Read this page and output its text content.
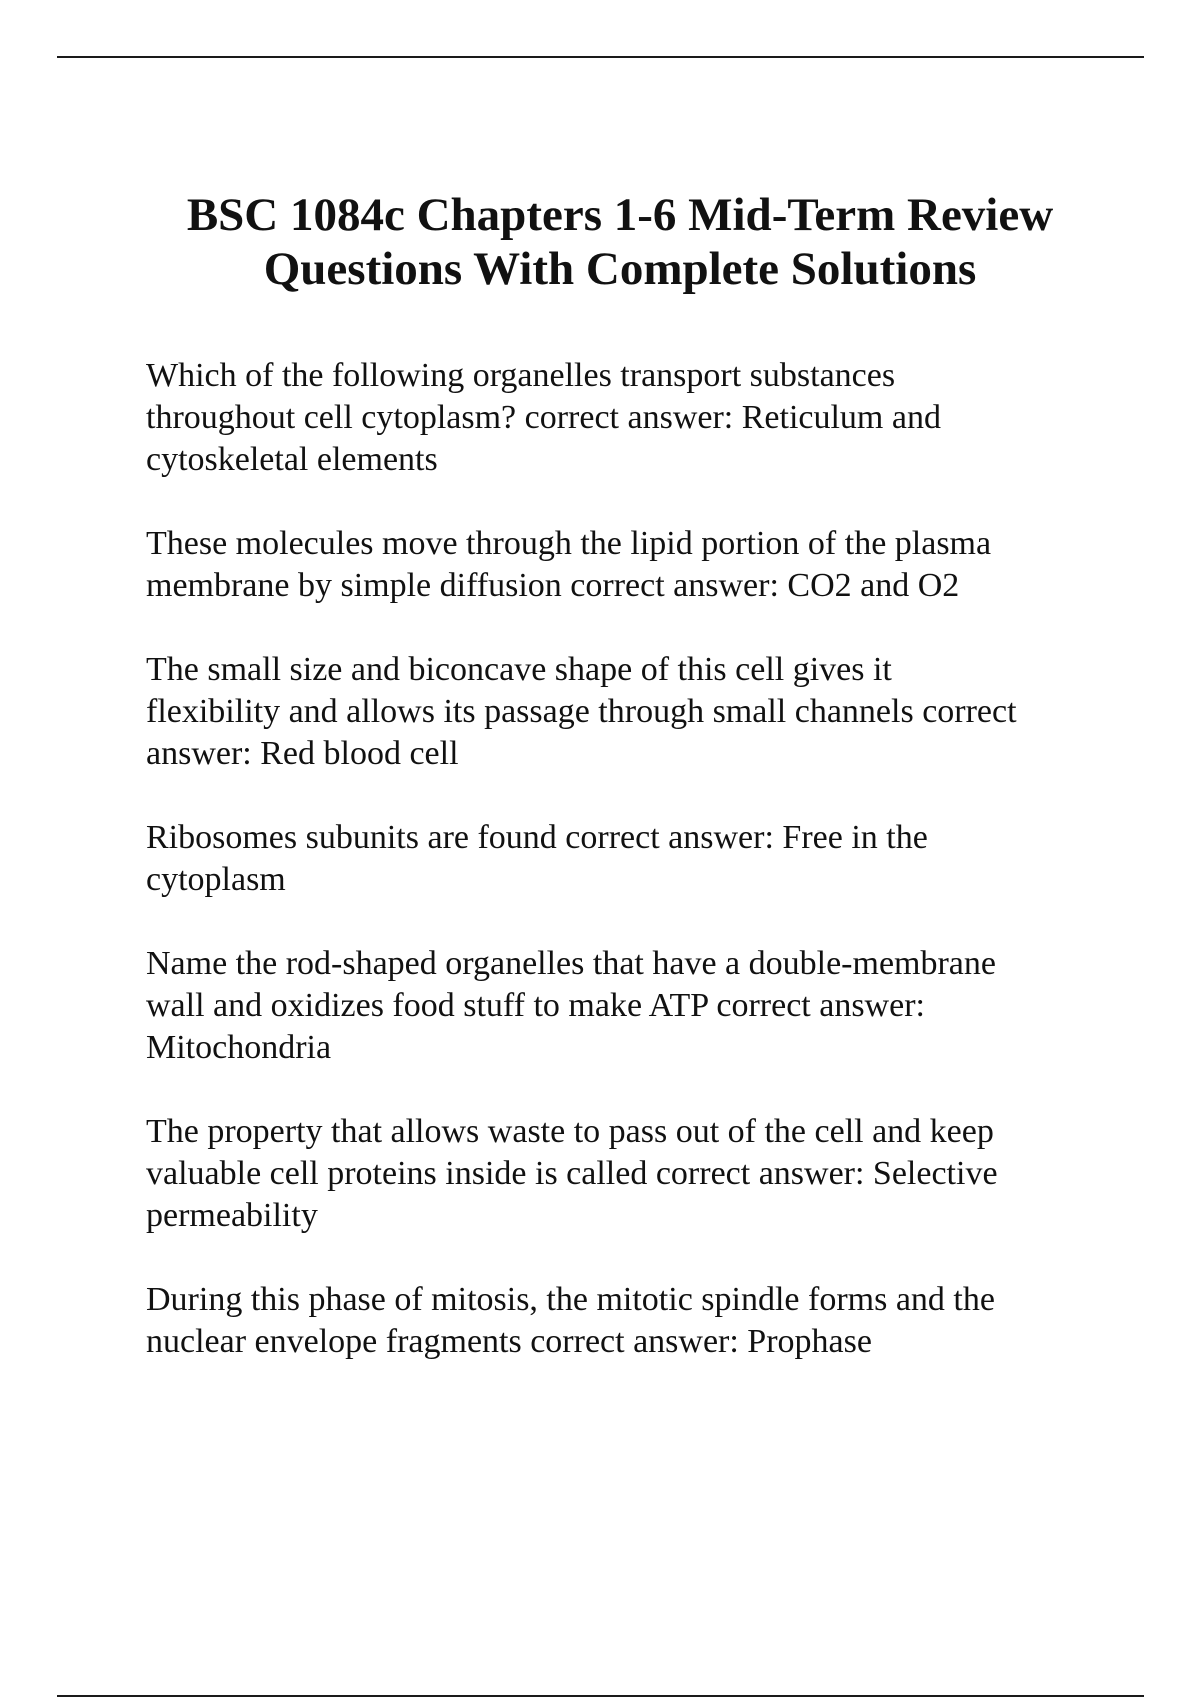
BSC 1084c Chapters 1-6 Mid-Term Review
Questions With Complete Solutions
Which of the following organelles transport substances
throughout cell cytoplasm? correct answer: Reticulum and
cytoskeletal elements
These molecules move through the lipid portion of the plasma
membrane by simple diffusion correct answer: CO2 and O2
The small size and biconcave shape of this cell gives it
flexibility and allows its passage through small channels correct
answer: Red blood cell
Ribosomes subunits are found correct answer: Free in the
cytoplasm
Name the rod-shaped organelles that have a double-membrane
wall and oxidizes food stuff to make ATP correct answer:
Mitochondria
The property that allows waste to pass out of the cell and keep
valuable cell proteins inside is called correct answer: Selective
permeability
During this phase of mitosis, the mitotic spindle forms and the
nuclear envelope fragments correct answer: Prophase
